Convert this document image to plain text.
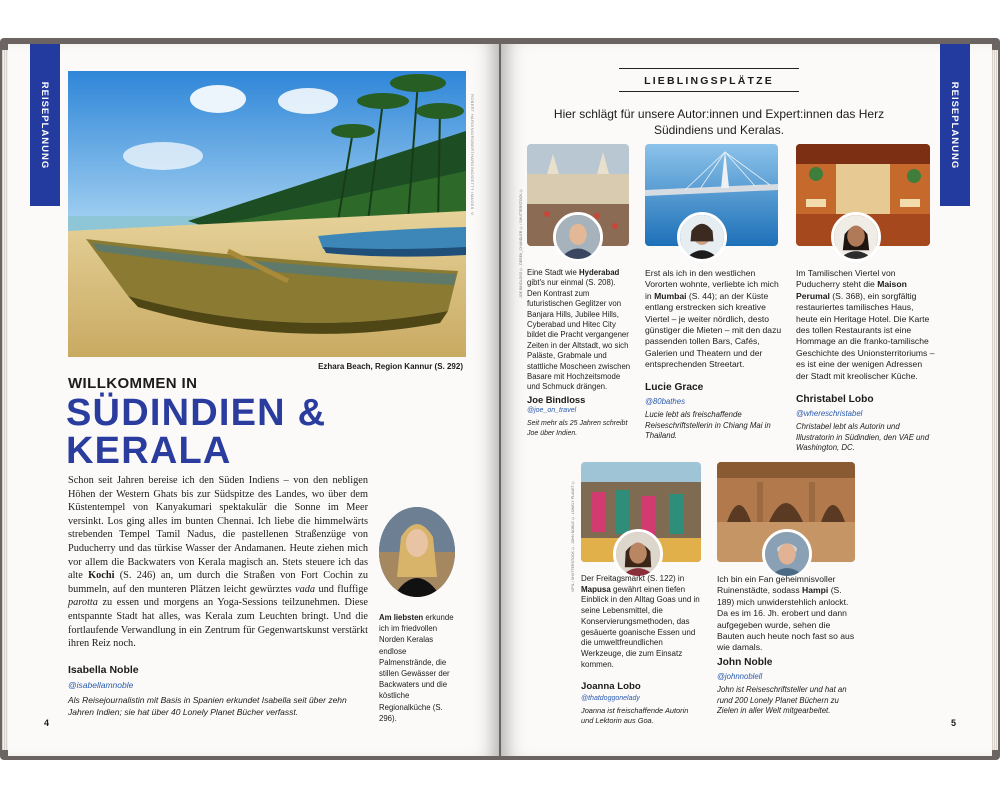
REISEPLANUNG	ROBERT HARDING/ROBERTHARDING/GETTY IMAGES ©
Ezhara Beach, Region Kannur (S. 292)
WILLKOMMEN IN
SÜDINDIEN &
KERALA
Schon seit Jahren bereise ich den Süden Indiens – von den nebligen Höhen der Western Ghats bis zur Südspitze des Landes, wo über dem Küstentempel von Kanyakumari spektakulär die Sonne im Meer versinkt. Los ging alles im bunten Chennai. Ich liebe die himmelwärts strebenden Tempel Tamil Nadus, die pastellenen Straßenzüge von Puducherry und das türkise Wasser der Andamanen. Heute ziehen mich vor allem die Backwaters von Kerala magisch an. Stets steuere ich das alte Kochi (S. 246) an, um durch die Straßen von Fort Cochin zu bummeln, auf den munteren Plätzen leicht gewürztes vada und fluffige parotta zu essen und morgens an Yoga-Sessions teilzunehmen. Diese entspannte Stadt hat alles, was Kerala zum Leuchten bringt. Und die fortlaufende Verwandlung in ein Zentrum für Gegenwartskunst verstärkt ihren Reiz noch.
Isabella Noble
@isabellamnoble
Als Reisejournalistin mit Basis in Spanien erkundet Isabella seit über zehn Jahren Indien; sie hat über 40 Lonely Planet Bücher verfasst.
Am liebsten erkunde ich im friedvollen Norden Keralas endlose Palmenstrände, die stillen Gewässer der Backwaters und die köstliche Regionalküche (S. 296).
4
REISEPLANUNG
LIEBLINGSPLÄTZE
Hier schlägt für unsere Autor:innen und Expert:innen das Herz Südindiens und Keralas.
JOE BINDLOSS ©, DEREK_CHANDLER © / SHUTTERSTOCK © Eine Stadt wie Hyderabad gibt's nur einmal (S. 208). Den Kontrast zum futuristischen Geglitzer von Banjara Hills, Jubilee Hills, Cyberabad und Hitec City bildet die Pracht vergangener Zeiten in der Altstadt, wo sich Paläste, Grabmale und stattliche Moscheen zwischen Basare mit Hochzeitsmode und Schmuck drängen.
Joe Bindloss
@joe_on_travel
Seit mehr als 25 Jahren schreibt Joe über Indien.
Erst als ich in den westlichen Vororten wohnte, verliebte ich mich in Mumbai (S. 44); an der Küste entlang erstrecken sich kreative Viertel – je weiter nördlich, desto günstiger die Mieten – mit den dazu passenden tollen Bars, Cafés, Galerien und Theatern und der entsprechenden Streetart.
Lucie Grace
@80bathes
Lucie lebt als freischaffende Reiseschriftstellerin in Chiang Mai in Thailand.
Im Tamilischen Viertel von Puducherry steht die Maison Perumal (S. 368), ein sorgfältig restauriertes tamilisches Haus, heute ein Heritage Hotel. Die Karte des tollen Restaurants ist eine Hommage an die franko-tamilische Geschichte des Unionsterritoriums – es ist eine der wenigen Adressen der Stadt mit kreolischer Küche.
Christabel Lobo
@whereschristabel
Christabel lebt als Autorin und Illustratorin in Südindien, den VAE und Washington, DC.
VIPIL / SHUTTERSTOCK ©, JOHN NOBLE ©, LONELY PLANET © Der Freitagsmarkt (S. 122) in Mapusa gewährt einen tiefen Einblick in den Alltag Goas und in seine Lebensmittel, die Konservierungsmethoden, das gesäuerte goanische Essen und die umweltfreundlichen Werkzeuge, die zum Einsatz kommen.
Joanna Lobo
@thatdoggonelady
Joanna ist freischaffende Autorin und Lektorin aus Goa.
Ich bin ein Fan geheimnisvoller Ruinenstädte, sodass Hampi (S. 189) mich unwiderstehlich anlockt. Da es im 16. Jh. erobert und dann aufgegeben wurde, sehen die Bauten auch heute noch fast so aus wie damals.
John Noble
@johnnoblell
John ist Reiseschriftsteller und hat an rund 200 Lonely Planet Büchern zu Zielen in aller Welt mitgearbeitet.
5
